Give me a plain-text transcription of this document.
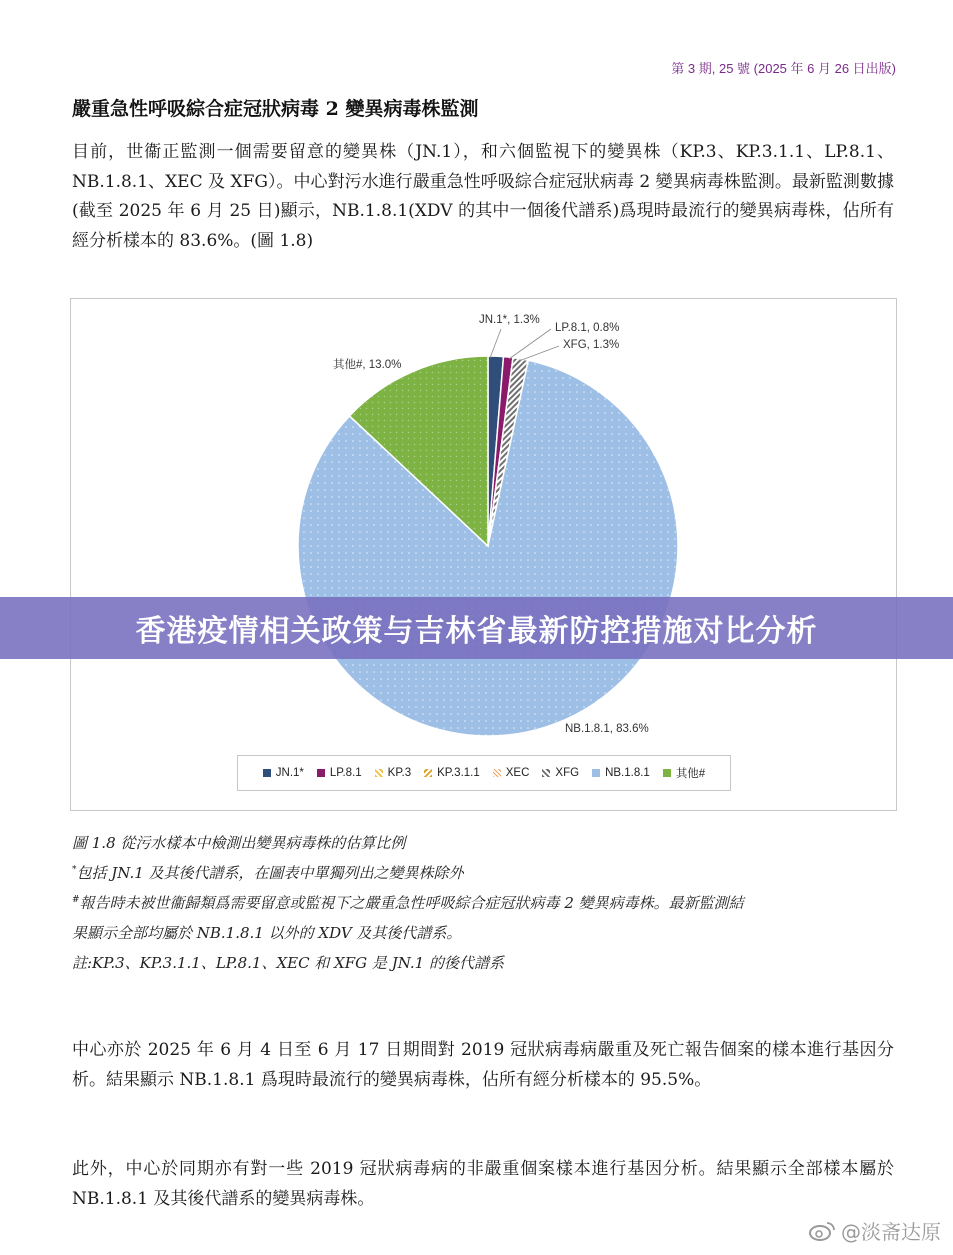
第 3 期, 25 號 (2025 年 6 月 26 日出版)
嚴重急性呼吸綜合症冠狀病毒 2 變異病毒株監測
目前，世衞正監測一個需要留意的變異株（JN.1），和六個監視下的變異株（KP.3、KP.3.1.1、LP.8.1、NB.1.8.1、XEC 及 XFG）。中心對污水進行嚴重急性呼吸綜合症冠狀病毒 2 變異病毒株監測。最新監測數據(截至 2025 年 6 月 25 日)顯示，NB.1.8.1(XDV 的其中一個後代譜系)爲現時最流行的變異病毒株，佔所有經分析樣本的 83.6%。(圖 1.8)
JN.1*, 1.3%
LP.8.1, 0.8%
XFG, 1.3%
NB.1.8.1, 83.6%
其他#, 13.0%
JN.1* LP.8.1 KP.3 KP.3.1.1 XEC XFG NB.1.8.1 其他#
圖 1.8 從污水樣本中檢測出變異病毒株的估算比例
*包括 JN.1 及其後代譜系，在圖表中單獨列出之變異株除外
#報告時未被世衞歸類爲需要留意或監視下之嚴重急性呼吸綜合症冠狀病毒 2 變異病毒株。最新監測結
果顯示全部均屬於 NB.1.8.1 以外的 XDV 及其後代譜系。
註:KP.3、KP.3.1.1、LP.8.1、XEC 和 XFG 是 JN.1 的後代譜系
中心亦於 2025 年 6 月 4 日至 6 月 17 日期間對 2019 冠狀病毒病嚴重及死亡報告個案的樣本進行基因分析。結果顯示 NB.1.8.1 爲現時最流行的變異病毒株，佔所有經分析樣本的 95.5%。
此外，中心於同期亦有對一些 2019 冠狀病毒病的非嚴重個案樣本進行基因分析。結果顯示全部樣本屬於 NB.1.8.1 及其後代譜系的變異病毒株。
香港疫情相关政策与吉林省最新防控措施对比分析
@淡斋达原
